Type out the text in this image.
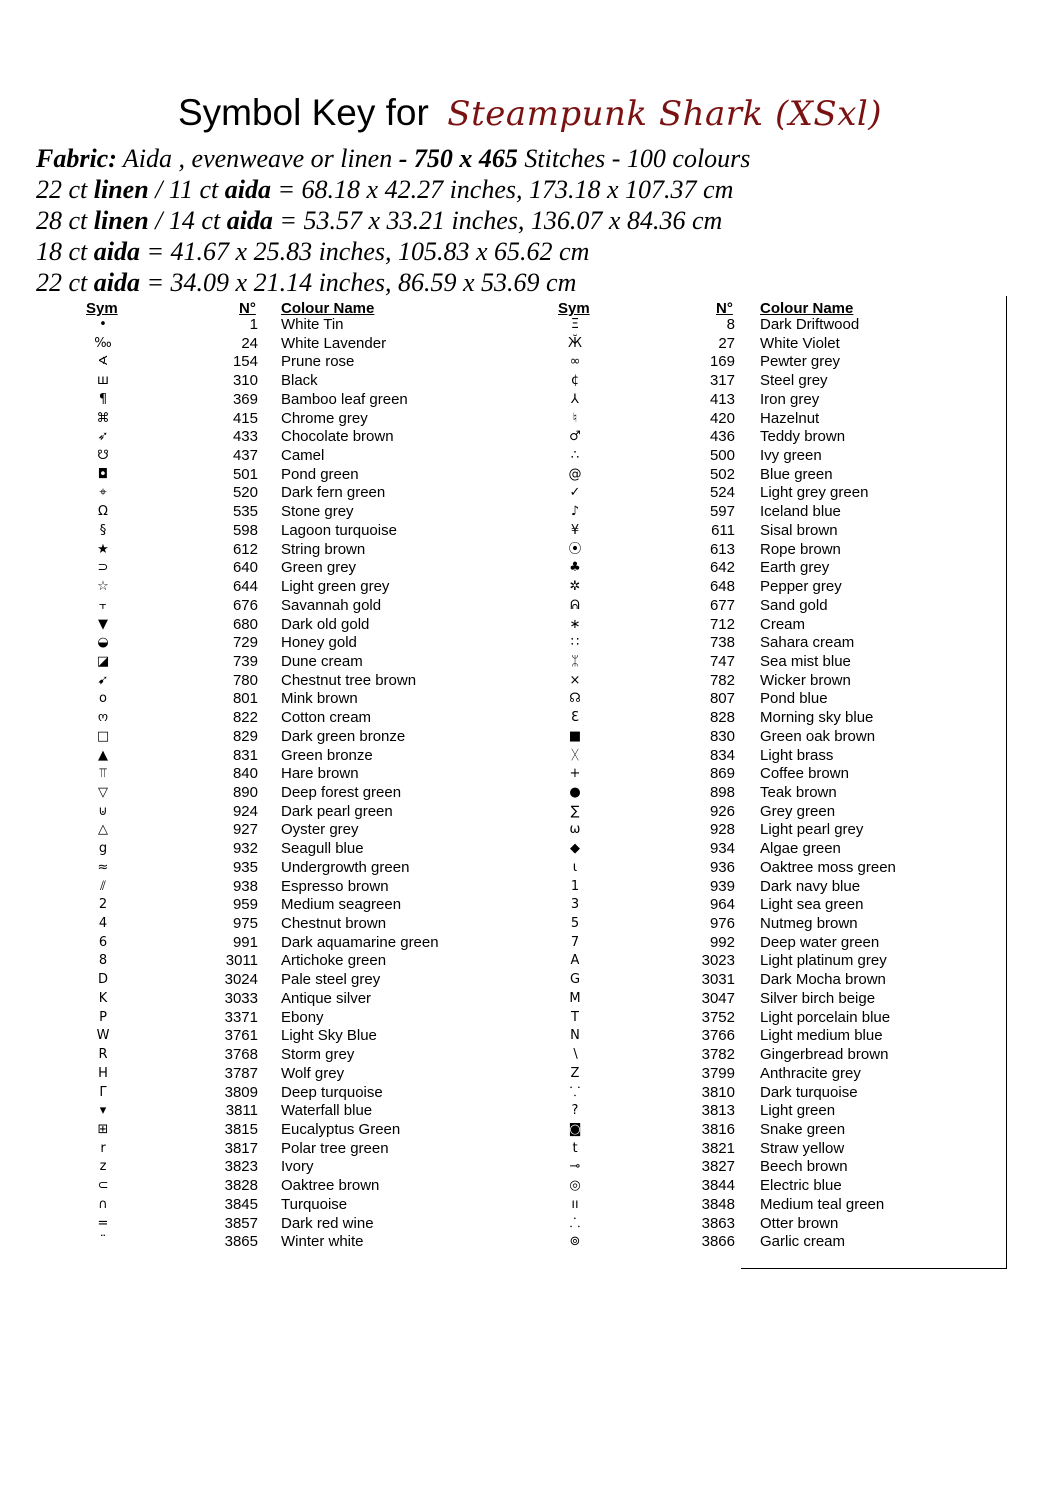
Symbol Key for Steampunk Shark (XSxl)
Fabric: Aida , evenweave or linen - 750 x 465 Stitches - 100 colours
22 ct linen / 11 ct aida = 68.18 x 42.27 inches, 173.18 x 107.37 cm
28 ct linen / 14 ct aida = 53.57 x 33.21 inches, 136.07 x 84.36 cm
18 ct aida = 41.67 x 25.83 inches, 105.83 x 65.62 cm
22 ct aida = 34.09 x 21.14 inches, 86.59 x 53.69 cm
Sym	N° Colour Name	Sym	N° Colour Name
•	1 White Tin
‰	24 White Lavender
∢	154 Prune rose
ш	310 Black
¶	369 Bamboo leaf green
⌘	415 Chrome grey
➶	433 Chocolate brown
☋	437 Camel
◘	501 Pond green
⌖	520 Dark fern green
Ω	535 Stone grey
§	598 Lagoon turquoise
★	612 String brown
⊃	640 Green grey
☆	644 Light green grey
⫟	676 Savannah gold
▼	680 Dark old gold
◒	729 Honey gold
◪	739 Dune cream
➹	780 Chestnut tree brown
o	801 Mink brown
ო	822 Cotton cream
□	829 Dark green bronze
▲	831 Green bronze
⫪	840 Hare brown
▽	890 Deep forest green
⊍	924 Dark pearl green
△	927 Oyster grey
g	932 Seagull blue
≈	935 Undergrowth green
⫽	938 Espresso brown
2	959 Medium seagreen
4	975 Chestnut brown
6	991 Dark aquamarine green
8	3011 Artichoke green
D	3024 Pale steel grey
K	3033 Antique silver
P	3371 Ebony
W	3761 Light Sky Blue
R	3768 Storm grey
H	3787 Wolf grey
Γ	3809 Deep turquoise
▾	3811 Waterfall blue
⊞	3815 Eucalyptus Green
r	3817 Polar tree green
z	3823 Ivory
⊂	3828 Oaktree brown
∩	3845 Turquoise
=	3857 Dark red wine
¨	3865 Winter white
Ξ	8 Dark Driftwood
Ӂ	27 White Violet
∞	169 Pewter grey
¢	317 Steel grey
⅄	413 Iron grey
♮	420 Hazelnut
♂	436 Teddy brown
∴	500 Ivy green
@	502 Blue green
✓	524 Light grey green
♪	597 Iceland blue
¥	611 Sisal brown
⦿	613 Rope brown
♣	642 Earth grey
✲	648 Pepper grey
ᕱ	677 Sand gold
∗	712 Cream
∷	738 Sahara cream
ᛯ	747 Sea mist blue
×	782 Wicker brown
☊	807 Pond blue
Ɛ	828 Morning sky blue
■	830 Green oak brown
ᚷ	834 Light brass
+	869 Coffee brown
●	898 Teak brown
∑	926 Grey green
ω	928 Light pearl grey
◆	934 Algae green
ɩ	936 Oaktree moss green
1	939 Dark navy blue
3	964 Light sea green
5	976 Nutmeg brown
7	992 Deep water green
A	3023 Light platinum grey
G	3031 Dark Mocha brown
M	3047 Silver birch beige
T	3752 Light porcelain blue
N	3766 Light medium blue
∖	3782 Gingerbread brown
Z	3799 Anthracite grey
⸪	3810 Dark turquoise
?	3813 Light green
◙	3816 Snake green
t	3821 Straw yellow
⊸	3827 Beech brown
◎	3844 Electric blue
ıı	3848 Medium teal green
⸫	3863 Otter brown
⊚	3866 Garlic cream
